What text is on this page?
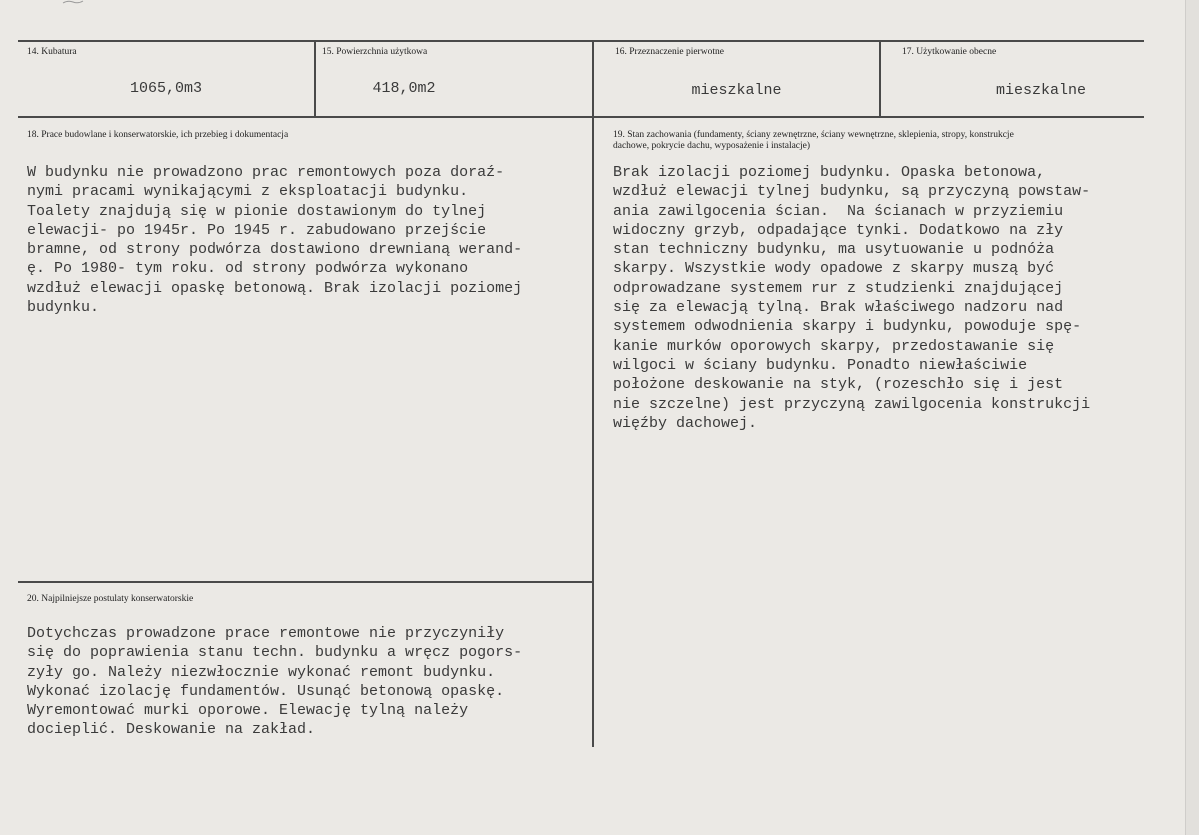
14. Kubatura
1065,0m3
15. Powierzchnia użytkowa
418,0m2
16. Przeznaczenie pierwotne
mieszkalne
17. Użytkowanie obecne
mieszkalne
18. Prace budowlane i konserwatorskie, ich przebieg i dokumentacja
W budynku nie prowadzono prac remontowych poza doraź-
nymi pracami wynikającymi z eksploatacji budynku.
Toalety znajdują się w pionie dostawionym do tylnej
elewacji- po 1945r. Po 1945 r. zabudowano przejście
bramne, od strony podwórza dostawiono drewnianą werand-
ę. Po 1980- tym roku. od strony podwórza wykonano
wzdłuż elewacji opaskę betonową. Brak izolacji poziomej
budynku.
19. Stan zachowania (fundamenty, ściany zewnętrzne, ściany wewnętrzne, sklepienia, stropy, konstrukcje
dachowe, pokrycie dachu, wyposażenie i instalacje)
Brak izolacji poziomej budynku. Opaska betonowa,
wzdłuż elewacji tylnej budynku, są przyczyną powstaw-
ania zawilgocenia ścian.  Na ścianach w przyziemiu
widoczny grzyb, odpadające tynki. Dodatkowo na zły
stan techniczny budynku, ma usytuowanie u podnóża
skarpy. Wszystkie wody opadowe z skarpy muszą być
odprowadzane systemem rur z studzienki znajdującej
się za elewacją tylną. Brak właściwego nadzoru nad
systemem odwodnienia skarpy i budynku, powoduje spę-
kanie murków oporowych skarpy, przedostawanie się
wilgoci w ściany budynku. Ponadto niewłaściwie
położone deskowanie na styk, (rozeschło się i jest
nie szczelne) jest przyczyną zawilgocenia konstrukcji
więźby dachowej.
20. Najpilniejsze postulaty konserwatorskie
Dotychczas prowadzone prace remontowe nie przyczyniły
się do poprawienia stanu techn. budynku a wręcz pogors-
zyły go. Należy niezwłocznie wykonać remont budynku.
Wykonać izolację fundamentów. Usunąć betonową opaskę.
Wyremontować murki oporowe. Elewację tylną należy
docieplić. Deskowanie na zakład.
